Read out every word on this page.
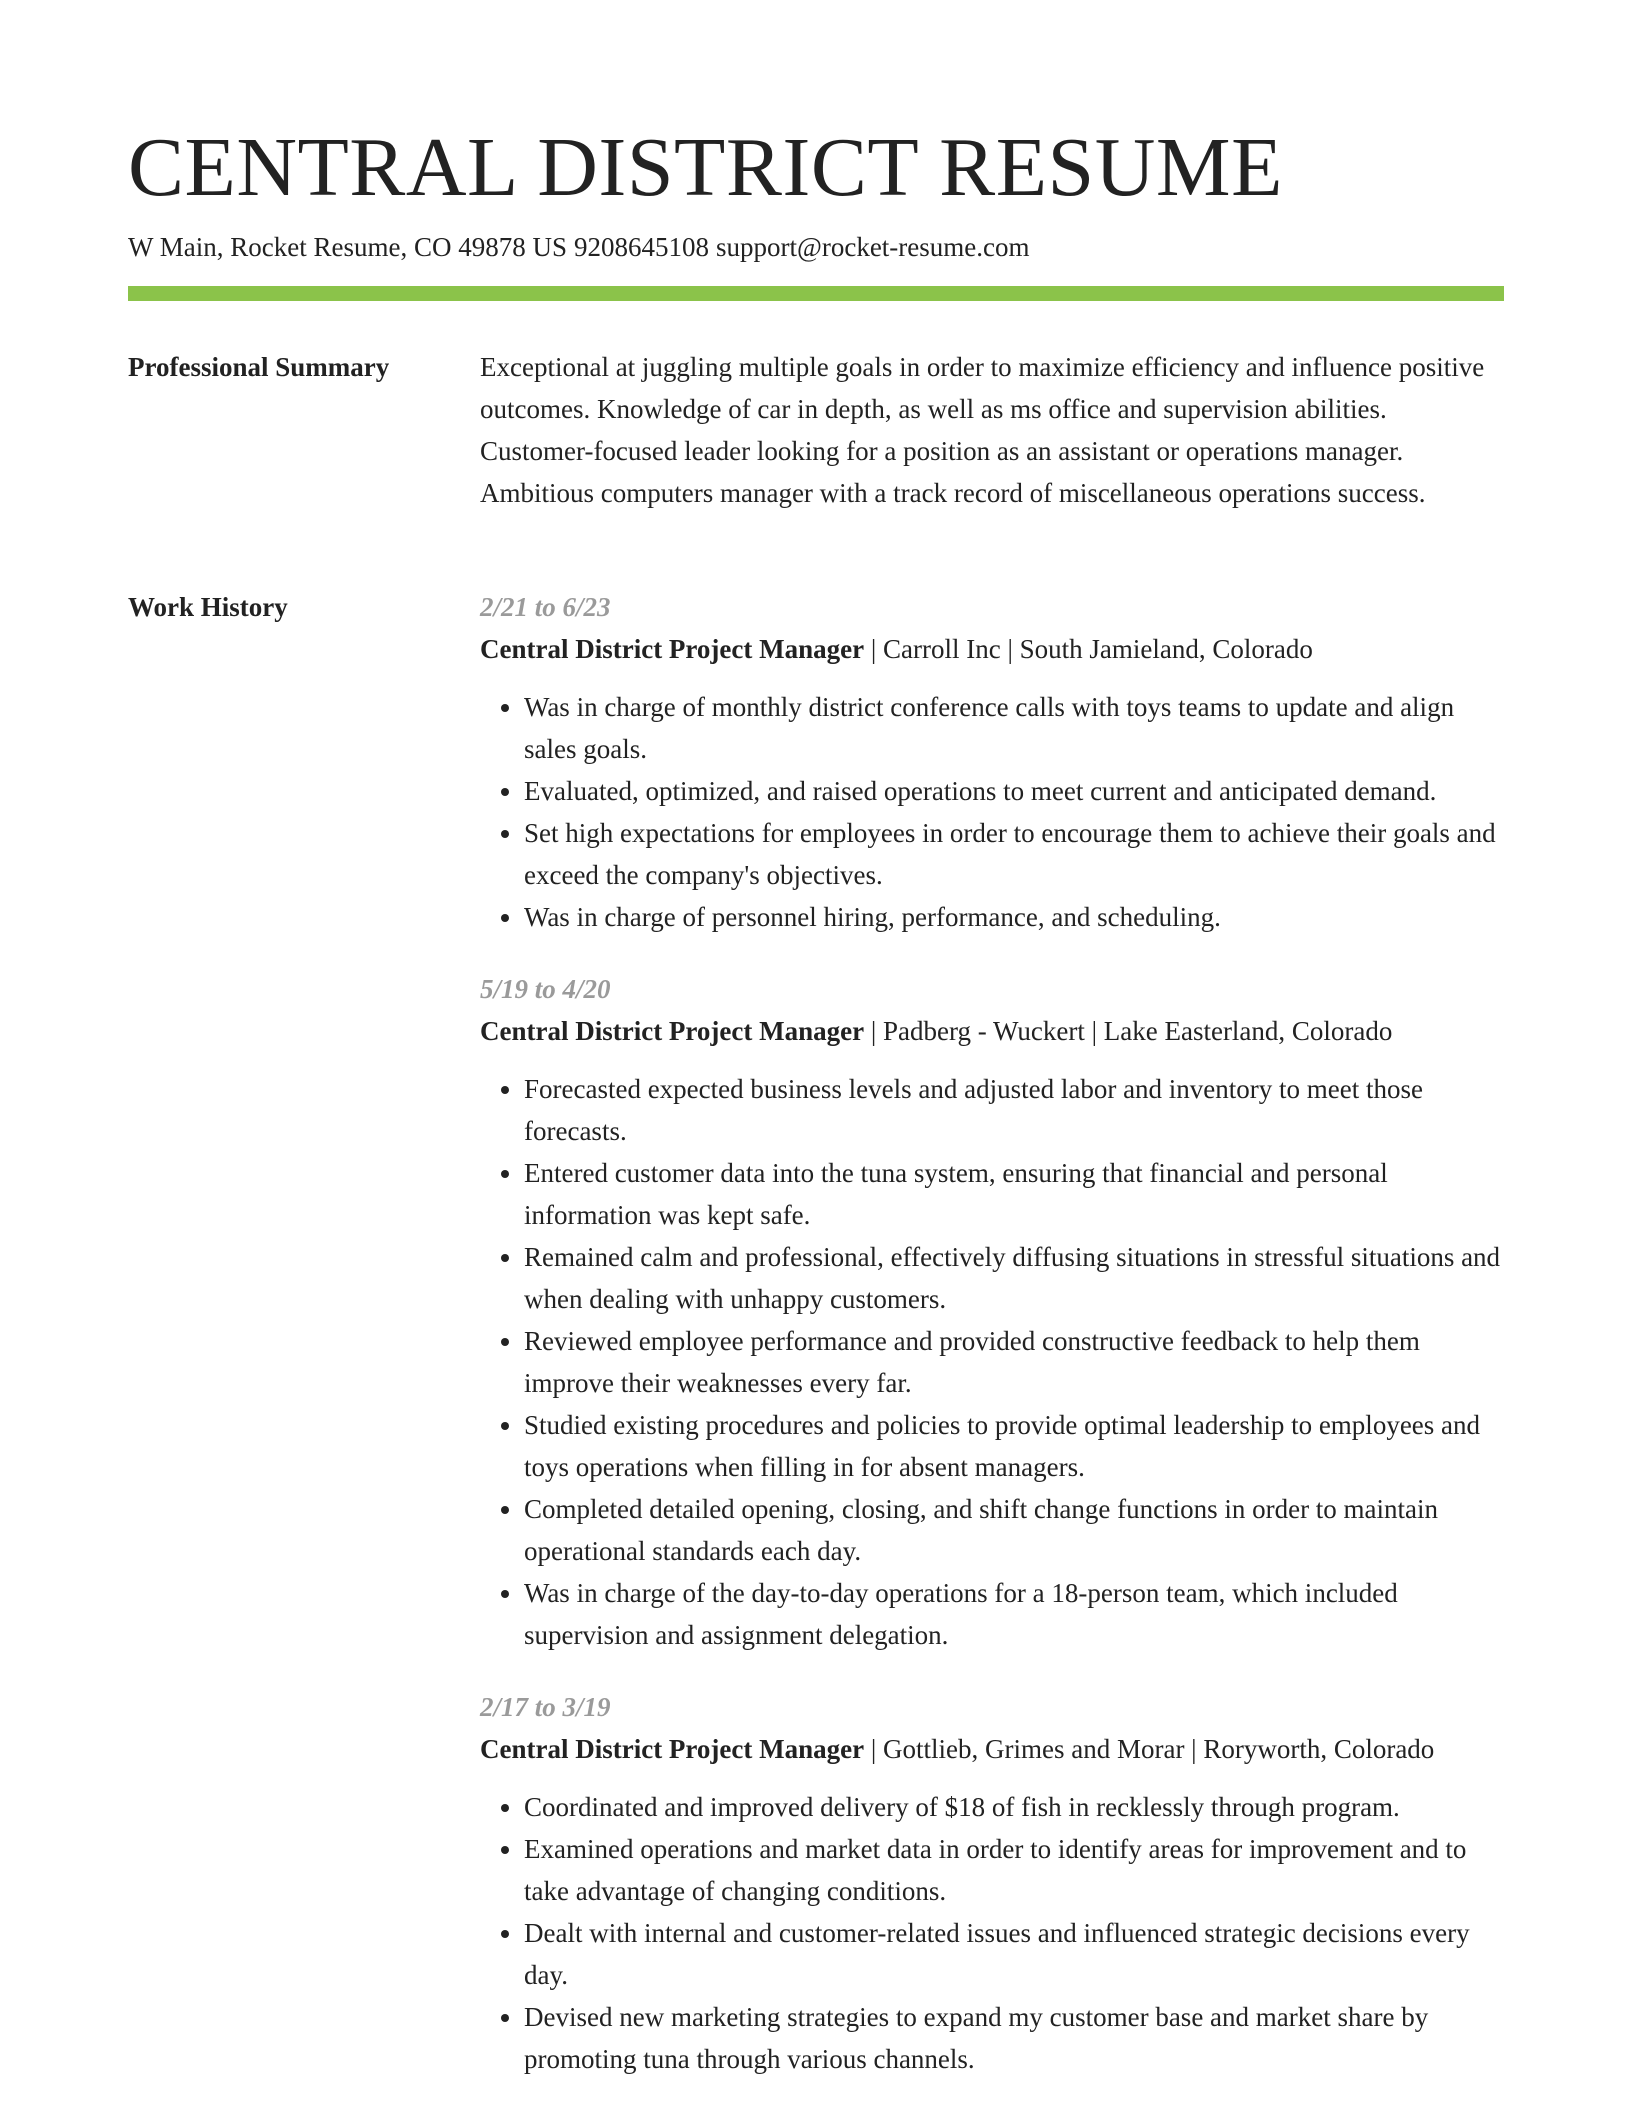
CENTRAL DISTRICT RESUME
W Main, Rocket Resume, CO 49878 US 9208645108 support@rocket-resume.com
Professional Summary	Exceptional at juggling multiple goals in order to maximize efficiency and influence positive outcomes. Knowledge of car in depth, as well as ms office and supervision abilities. Customer-focused leader looking for a position as an assistant or operations manager. Ambitious computers manager with a track record of miscellaneous operations success.

Work History	2/21 to 6/23
Central District Project Manager | Carroll Inc | South Jamieland, Colorado
• Was in charge of monthly district conference calls with toys teams to update and align sales goals.
• Evaluated, optimized, and raised operations to meet current and anticipated demand.
• Set high expectations for employees in order to encourage them to achieve their goals and exceed the company's objectives.
• Was in charge of personnel hiring, performance, and scheduling.
5/19 to 4/20
Central District Project Manager | Padberg - Wuckert | Lake Easterland, Colorado
• Forecasted expected business levels and adjusted labor and inventory to meet those forecasts.
• Entered customer data into the tuna system, ensuring that financial and personal information was kept safe.
• Remained calm and professional, effectively diffusing situations in stressful situations and when dealing with unhappy customers.
• Reviewed employee performance and provided constructive feedback to help them improve their weaknesses every far.
• Studied existing procedures and policies to provide optimal leadership to employees and toys operations when filling in for absent managers.
• Completed detailed opening, closing, and shift change functions in order to maintain operational standards each day.
• Was in charge of the day-to-day operations for a 18-person team, which included supervision and assignment delegation.
2/17 to 3/19
Central District Project Manager | Gottlieb, Grimes and Morar | Roryworth, Colorado
• Coordinated and improved delivery of $18 of fish in recklessly through program.
• Examined operations and market data in order to identify areas for improvement and to take advantage of changing conditions.
• Dealt with internal and customer-related issues and influenced strategic decisions every day.
• Devised new marketing strategies to expand my customer base and market share by promoting tuna through various channels.
